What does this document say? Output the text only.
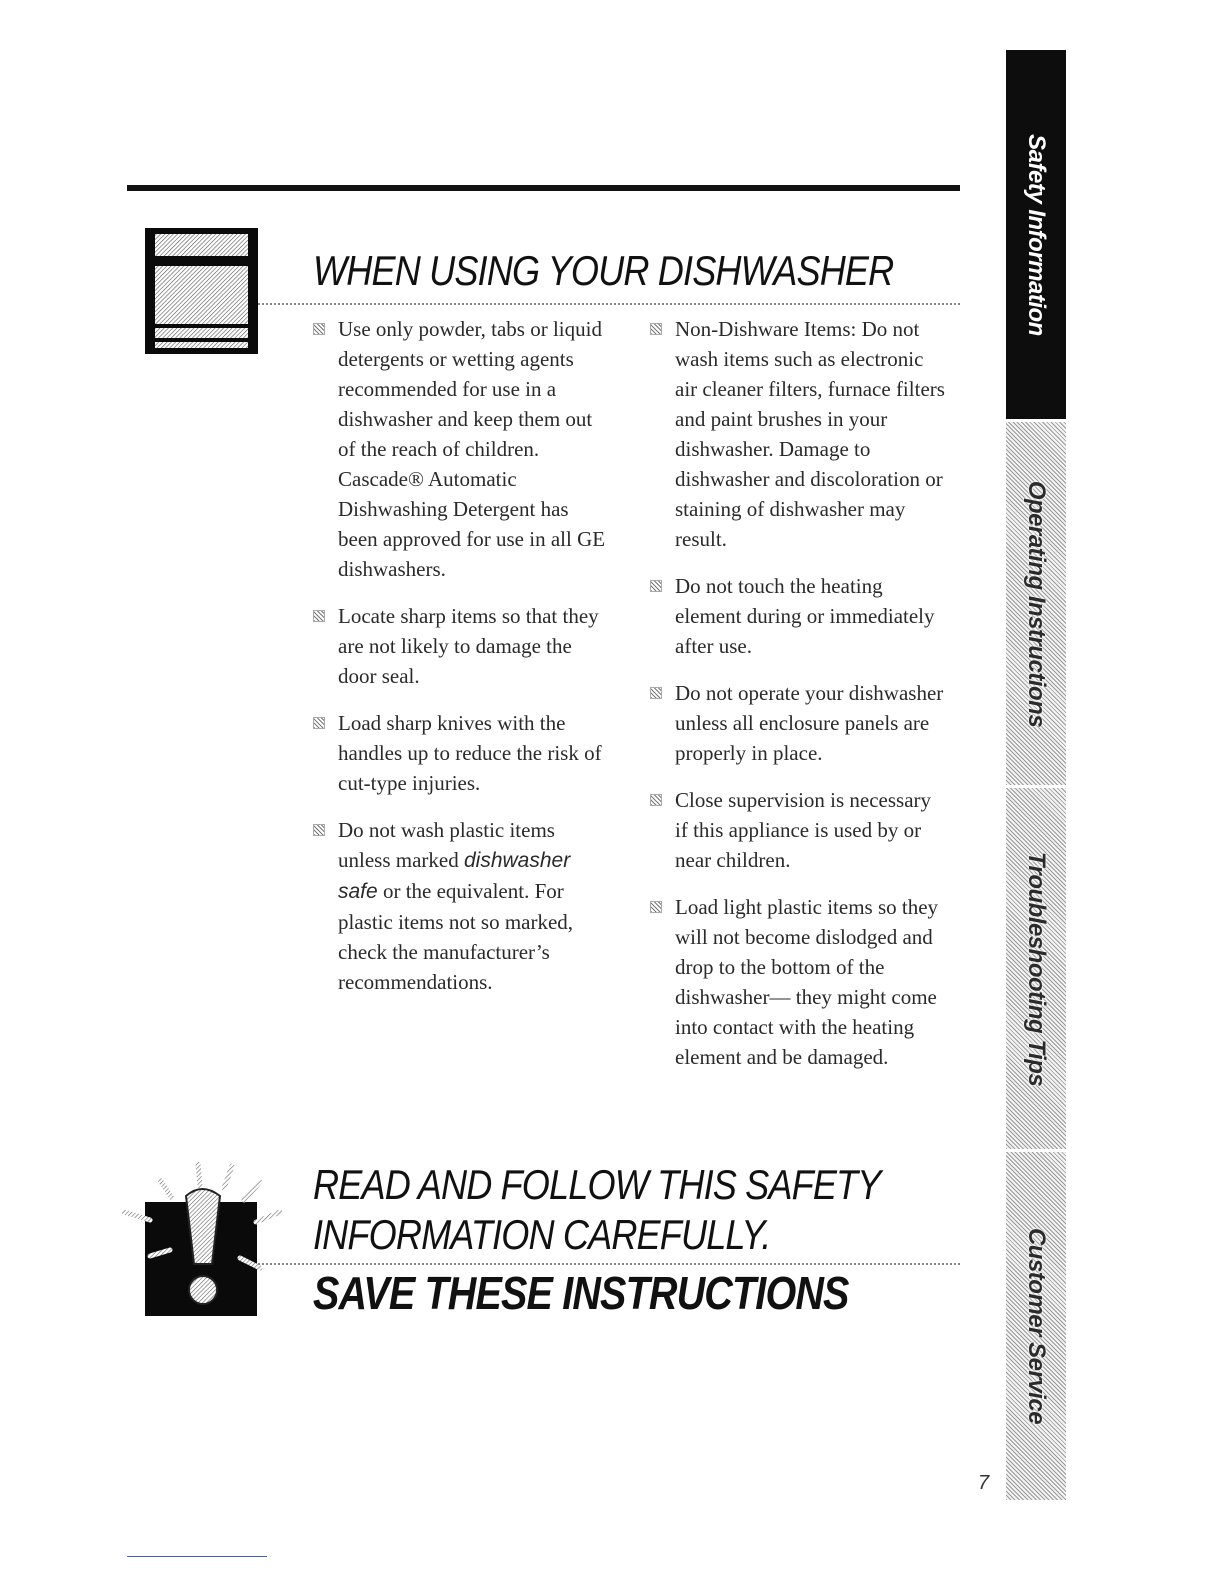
WHEN USING YOUR DISHWASHER
Use only powder, tabs or liquid detergents or wetting agents recommended for use in a dishwasher and keep them out of the reach of children. Cascade® Automatic Dishwashing Detergent has been approved for use in all GE dishwashers.
Locate sharp items so that they are not likely to damage the door seal.
Load sharp knives with the handles up to reduce the risk of cut-type injuries.
Do not wash plastic items unless marked dishwasher safe or the equivalent. For plastic items not so marked, check the manufacturer’s recommendations.
Non-Dishware Items: Do not wash items such as electronic air cleaner filters, furnace filters and paint brushes in your dishwasher. Damage to dishwasher and discoloration or staining of dishwasher may result.
Do not touch the heating element during or immediately after use.
Do not operate your dishwasher unless all enclosure panels are properly in place.
Close supervision is necessary if this appliance is used by or near children.
Load light plastic items so they will not become dislodged and drop to the bottom of the dishwasher— they might come into contact with the heating element and be damaged.
READ AND FOLLOW THIS SAFETY
INFORMATION CAREFULLY.
SAVE THESE INSTRUCTIONS
Safety Information
Operating Instructions
Troubleshooting Tips
Customer Service
7
